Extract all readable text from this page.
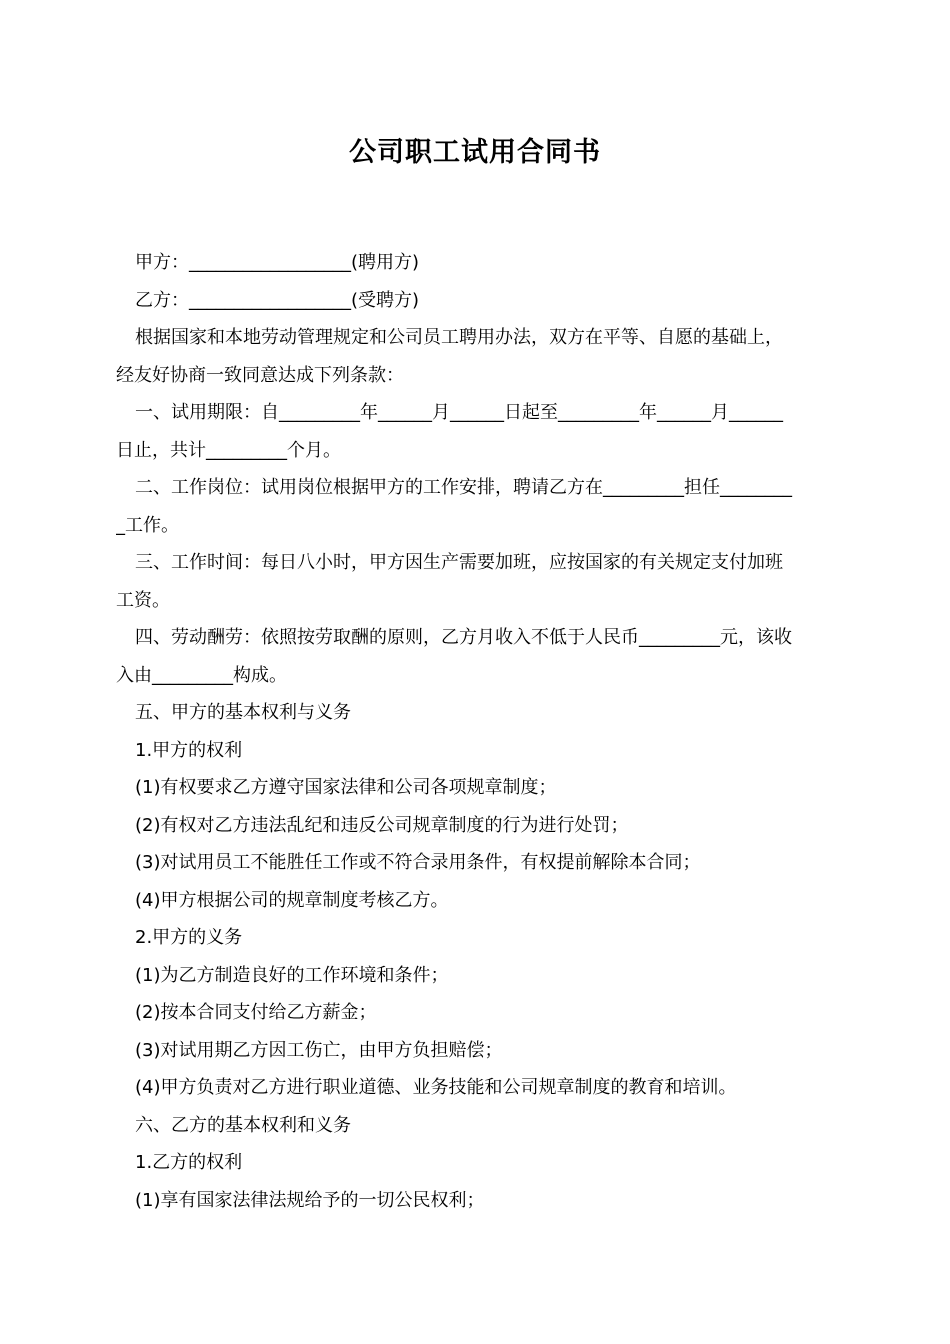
公司职工试用合同书
甲方：__________________(聘用方)
乙方：__________________(受聘方)
根据国家和本地劳动管理规定和公司员工聘用办法，双方在平等、自愿的基础上，
经友好协商一致同意达成下列条款：
一、试用期限：自_________年______月______日起至_________年______月______
日止，共计_________个月。
二、工作岗位：试用岗位根据甲方的工作安排，聘请乙方在_________担任________
_工作。
三、工作时间：每日八小时，甲方因生产需要加班，应按国家的有关规定支付加班
工资。
四、劳动酬劳：依照按劳取酬的原则，乙方月收入不低于人民币_________元，该收
入由_________构成。
五、甲方的基本权利与义务
1.甲方的权利
(1)有权要求乙方遵守国家法律和公司各项规章制度；
(2)有权对乙方违法乱纪和违反公司规章制度的行为进行处罚；
(3)对试用员工不能胜任工作或不符合录用条件，有权提前解除本合同；
(4)甲方根据公司的规章制度考核乙方。
2.甲方的义务
(1)为乙方制造良好的工作环境和条件；
(2)按本合同支付给乙方薪金；
(3)对试用期乙方因工伤亡，由甲方负担赔偿；
(4)甲方负责对乙方进行职业道德、业务技能和公司规章制度的教育和培训。
六、乙方的基本权利和义务
1.乙方的权利
(1)享有国家法律法规给予的一切公民权利；
